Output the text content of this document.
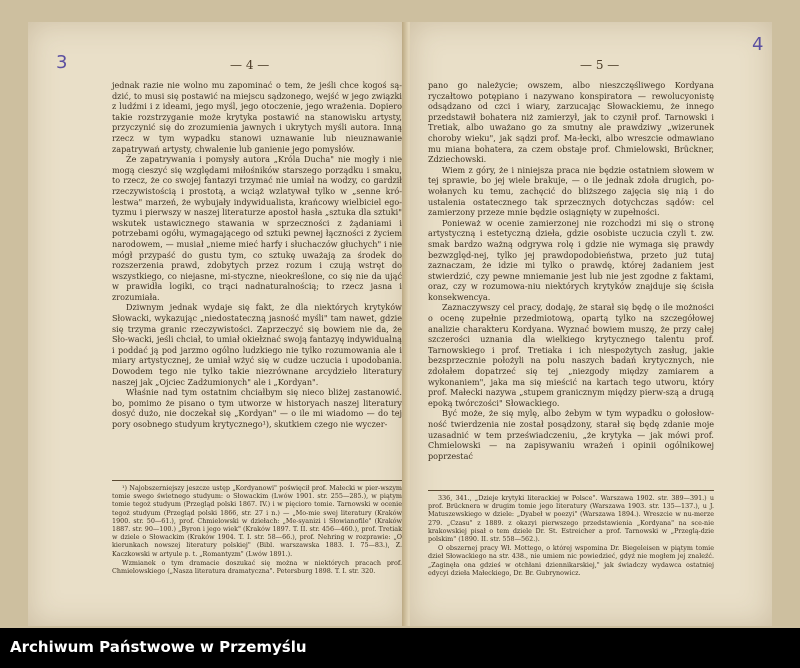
3	— 4 —
4
— 5 —

jednak razie nie wolno mu zapominać o tem, że jeśli chce kogoś są-dzić, to musi się postawić na miejscu sądzonego, wejść w jego związki z ludźmi i z ideami, jego myśl, jego otoczenie, jego wrażenia. Dopiero takie rozstrzyganie może krytyka postawić na stanowisku artysty, przyczynić się do zrozumienia jawnych i ukrytych myśli autora. Inną rzecz w tym wypadku stanowi uznawanie lub nieuznawanie zapatrywań artysty, chwalenie lub ganienie jego pomysłów.

Że zapatrywania i pomysły autora „Króla Ducha" nie mogły i nie mogą cieszyć się względami miłośników starszego porządku i smaku, to rzecz, że co swojej fantazyi trzymać nie umiał na wodzy, co gardził rzeczywistością i prostotą, a wciąż wzlatywał tylko w „senne kró-lestwa" marzeń, że wybujały indywidualista, krańcowy wielbiciel ego-tyzmu i pierwszy w naszej literaturze apostoł hasła „sztuka dla sztuki" wskutek ustawicznego stawania w sprzeczności z żądaniami i potrzebami ogółu, wymagającego od sztuki pewnej łączności z życiem narodowem, — musiał „nieme mieć harfy i słuchaczów głuchych" i nie mógł przypaść do gustu tym, co sztukę uważają za środek do rozszerzenia prawd, zdobytych przez rozum i czują wstręt do wszystkiego, co niejasne, mi-styczne, nieokreślone, co się nie da ująć w prawidła logiki, co trąci nadnaturalnością; to rzecz jasna i zrozumiała.

Dziwnym jednak wydaje się fakt, że dla niektórych krytyków Słowacki, wykazując „niedostateczną jasność myśli" tam nawet, gdzie się trzyma granic rzeczywistości. Zaprzeczyć się bowiem nie da, że Sło-wacki, jeśli chciał, to umiał okiełznać swoją fantazyę indywidualną i poddać ją pod jarzmo ogólno ludzkiego nie tylko rozumowania ale i miary artystycznej, że umiał wżyć się w cudze uczucia i upodobania. Dowodem tego nie tylko takie niezrównane arcydzieło literatury naszej jak „Ojciec Zadżumionych" ale i „Kordyan".

Właśnie nad tym ostatnim chciałbym się nieco bliżej zastanowić. bo, pomimo że pisano o tym utworze w historyach naszej literatury dosyć dużo, nie doczekał się „Kordyan" — o ile mi wiadomo — do tej pory osobnego studyum krytycznego¹), skutkiem czego nie wyczer-

¹) Najobszerniejszy jeszcze ustęp „Kordyanowi" poświęcił prof. Małecki w pier-wszym tomie swego świetnego studyum: o Słowackim (Lwów 1901. str. 255—285.), w piątym tomie tegoż studyum (Przegląd polski 1867. IV.) i w pięcioro tomie. Tarnowski w ocenie tegoż studyum (Przegląd polski 1866, str. 27 i n.) — „Mo-mie swej literatury (Kraków 1900. str. 50—61.), prof. Chmielowski w dziełach: „Me-syanizi i Słowianofile" (Kraków 1887. str. 90—100.) „Byron i jego wiek" (Kraków 1897. T. II. str. 456—460.), prof. Tretiak w dziele o Słowackim (Kraków 1904. T. I. str. 58—66.), prof. Nehring w rozprawie: „O kierunkach nowszej literatury polskiej" (Bibl. warszawska 1883. I. 75—83.), Z. Kaczkowski w artyule p. t. „Romantyzm" (Lwów 1891.).

Wzmianek o tym dramacie doszukać się można w niektórych pracach prof. Chmielowskiego („Nasza literatura dramatyczna". Petersburg 1898. T. I. str. 320.

pano go należycie; owszem, albo nieszczęśliwego Kordyana ryczałtowo potępiano i nazywano konspiratora — rewolucyonistę odsądzano od czci i wiary, zarzucając Słowackiemu, że innego przedstawił bohatera niż zamierzył, jak to czynił prof. Tarnowski i Tretiak, albo uważano go za smutny ale prawdziwy „wizerunek choroby wieku", jak sądzi prof. Ma-łecki, albo wreszcie odmawiano mu miana bohatera, za czem obstaje prof. Chmielowski, Brückner, Zdziechowski.

Wiem z góry, że i niniejsza praca nie będzie ostatniem słowem w tej sprawie, bo jej wiele brakuje, — o ile jednak zdoła drugich, po-wołanych ku temu, zachęcić do bliższego zajęcia się nią i do ustalenia ostatecznego tak sprzecznych dotychczas sądów: cel zamierzony przeze mnie będzie osiągnięty w zupełności.

Ponieważ w ocenie zamierzonej nie rozchodzi mi się o stronę artystyczną i estetyczną dzieła, gdzie osobiste uczucia czyli t. zw. smak bardzo ważną odgrywa rolę i gdzie nie wymaga się prawdy bezwzględ-nej, tylko jej prawdopodobieństwa, przeto już tutaj zaznaczam, że idzie mi tylko o prawdę, której żadaniem jest stwierdzić, czy pewne mniemanie jest lub nie jest zgodne z faktami, oraz, czy w rozumowa-niu niektórych krytyków znajduje się ścisła konsekwencya.

Zaznaczywszy cel pracy, dodaję, że starał się będę o ile możności o ocenę zupełnie przedmiotową, opartą tylko na szczegółowej analizie charakteru Kordyana. Wyznać bowiem muszę, że przy całej szczerości uznania dla wielkiego krytycznego talentu prof. Tarnowskiego i prof. Tretiaka i ich niespożytych zasług, jakie bezsprzecznie położyli na polu naszych badań krytycznych, nie zdołałem dopatrzeć się tej „niezgody między zamiarem a wykonaniem", jaka ma się mieścić na kartach tego utworu, który prof. Małecki nazywa „stupem granicznym między pierw-szą a drugą epoką twórczości" Słowackiego.

Być może, że się mylę, albo żebym w tym wypadku o gołosłow-ność twierdzenia nie został posądzony, starał się będę zdanie moje uzasadnić w tem przeświadczeniu, „że krytyka — jak mówi prof. Chmielowski — na zapisywaniu wrażeń i opinii ogólnikowej poprzestać

336, 341., „Dzieje krytyki literackiej w Polsce". Warszawa 1902. str. 389—391.) u prof. Brücknera w drugim tomie jego literatury (Warszawa 1903. str. 135—137.), u J. Matuszewskiego w dziele: „Dyabeł w poezyi" (Warszawa 1894.). Wreszcie w nu-merze 279. „Czasu" z 1889. z okazyi pierwszego przedstawienia „Kordyana" na sce-nie krakowskiej pisał o tem dziele Dr. St. Estreicher a prof. Tarnowski w „Przeglą-dzie polskim" (1890. II. str. 558—562.).

O obszernej pracy Wł. Mottego, o której wspomina Dr. Biegeleisen w piątym tomie dzieł Słowackiego na str. 438., nie umiem nic powiedzieć, gdyż nie mogłem jej znaleźć. „Zaginęła ona gdzieś w otchłani dziennikarskiej," jak świadczy wydawca ostatniej edycyi dzieła Małeckiego, Dr. Br. Gubrynowicz.

Archiwum Państwowe w Przemyślu
